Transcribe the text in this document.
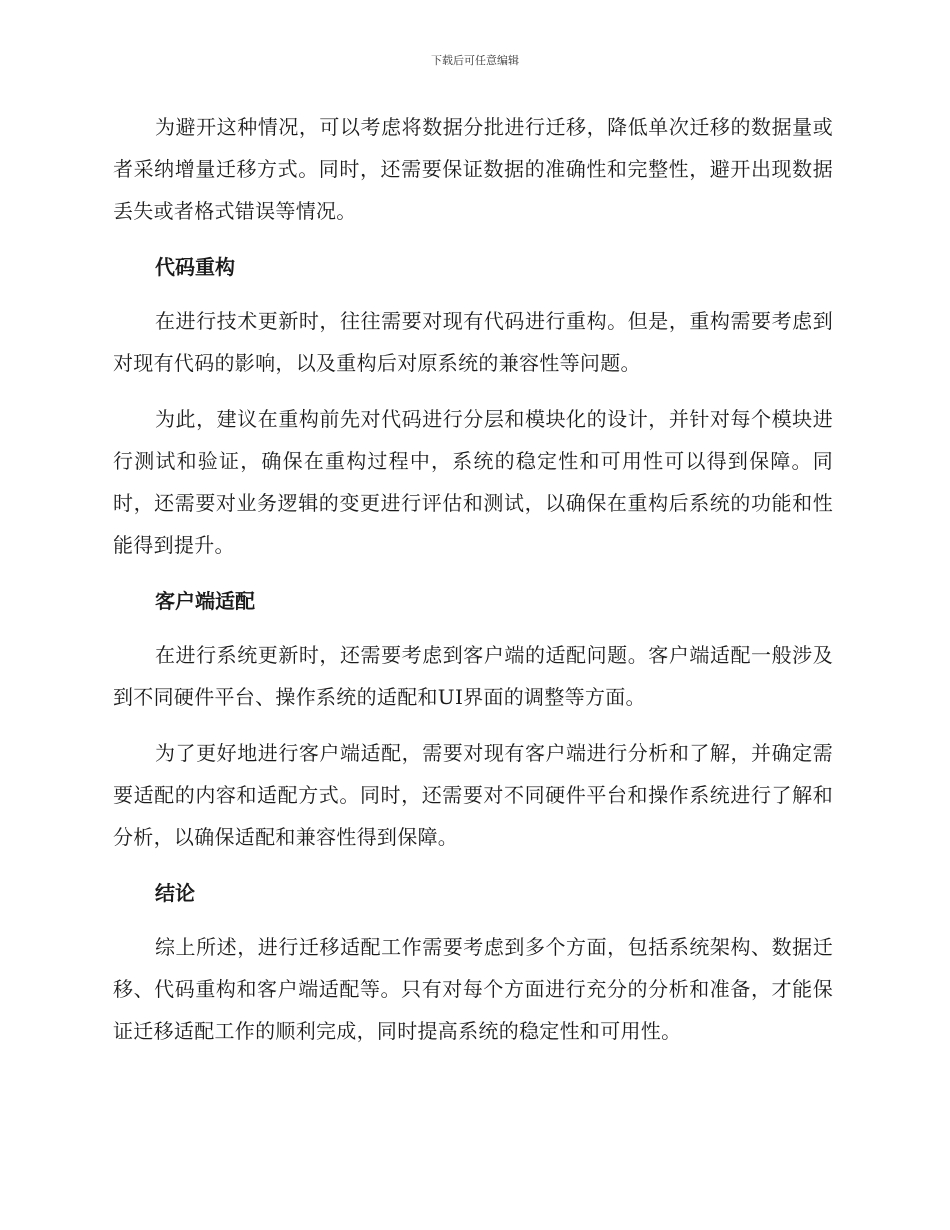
下载后可任意编辑

为避开这种情况，可以考虑将数据分批进行迁移，降低单次迁移的数据量或者采纳增量迁移方式。同时，还需要保证数据的准确性和完整性，避开出现数据丢失或者格式错误等情况。

代码重构

在进行技术更新时，往往需要对现有代码进行重构。但是，重构需要考虑到对现有代码的影响，以及重构后对原系统的兼容性等问题。

为此，建议在重构前先对代码进行分层和模块化的设计，并针对每个模块进行测试和验证，确保在重构过程中，系统的稳定性和可用性可以得到保障。同时，还需要对业务逻辑的变更进行评估和测试，以确保在重构后系统的功能和性能得到提升。

客户端适配

在进行系统更新时，还需要考虑到客户端的适配问题。客户端适配一般涉及到不同硬件平台、操作系统的适配和UI界面的调整等方面。

为了更好地进行客户端适配，需要对现有客户端进行分析和了解，并确定需要适配的内容和适配方式。同时，还需要对不同硬件平台和操作系统进行了解和分析，以确保适配和兼容性得到保障。

结论

综上所述，进行迁移适配工作需要考虑到多个方面，包括系统架构、数据迁移、代码重构和客户端适配等。只有对每个方面进行充分的分析和准备，才能保证迁移适配工作的顺利完成，同时提高系统的稳定性和可用性。
